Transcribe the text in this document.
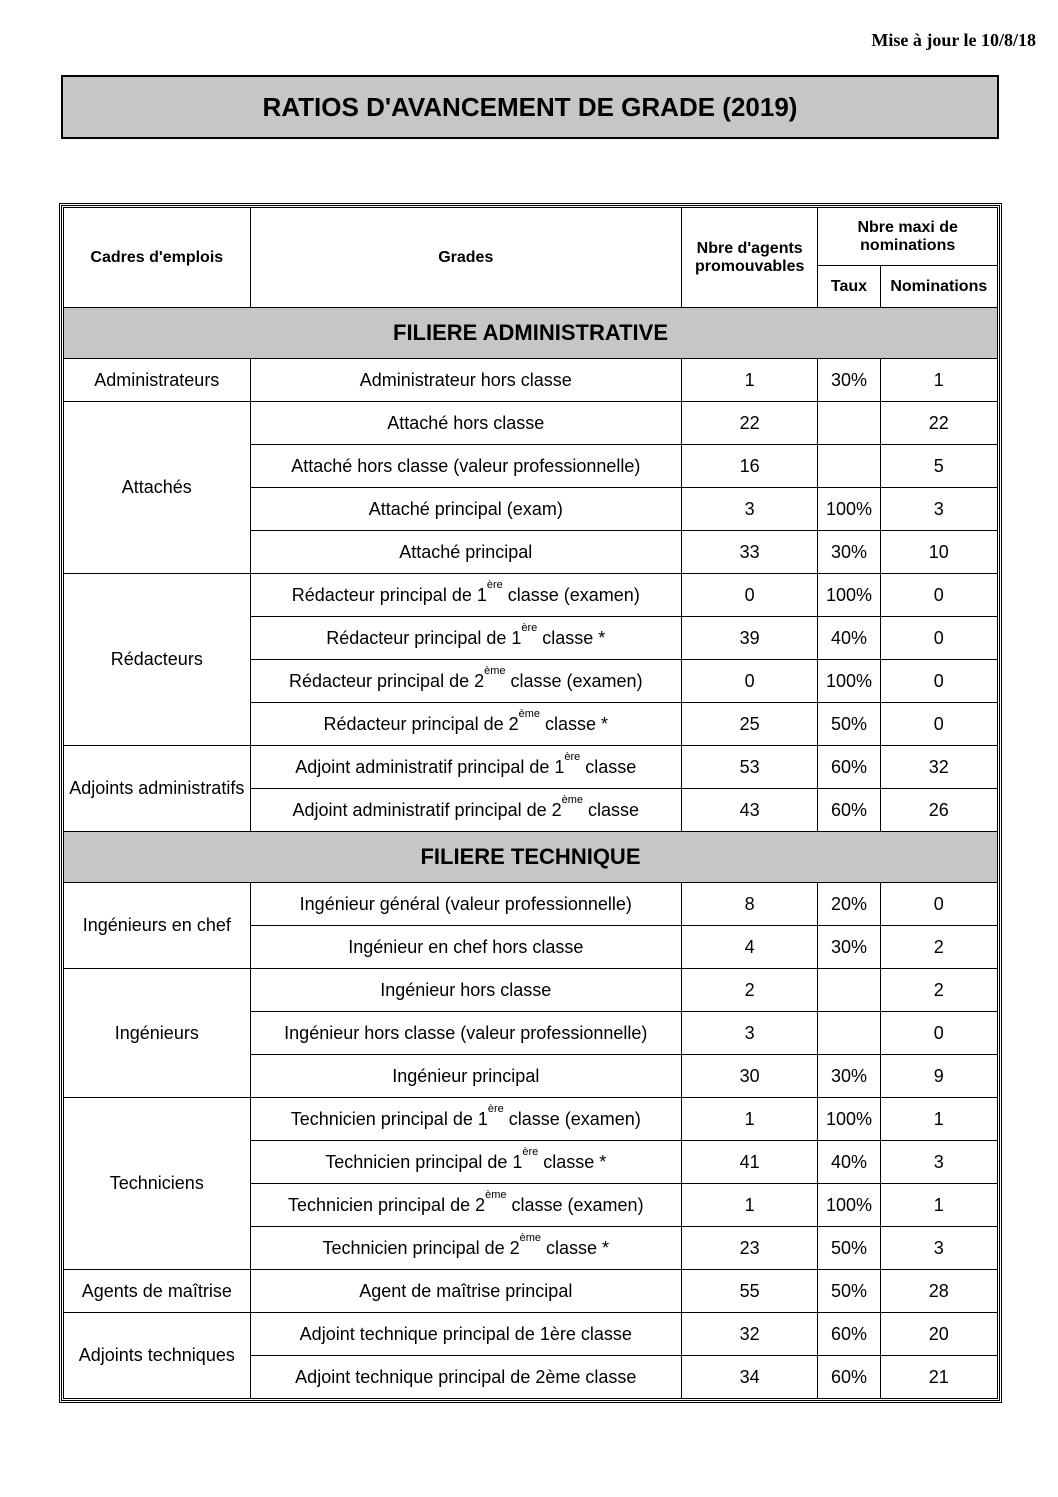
Mise à jour le 10/8/18
RATIOS D'AVANCEMENT DE GRADE (2019)
Cadres d'emplois	Grades	Nbre d'agents promouvables	Nbre maxi de nominations	
			Taux	Nominations
FILIERE ADMINISTRATIVE				
Administrateurs	Administrateur hors classe	1	30%	1
Attachés	Attaché hors classe	22		22
	Attaché hors classe (valeur professionnelle)	16		5
	Attaché principal (exam)	3	100%	3
	Attaché principal	33	30%	10
Rédacteurs	Rédacteur principal de 1ère classe (examen)	0	100%	0
	Rédacteur principal de 1ère classe *	39	40%	0
	Rédacteur principal de 2ème classe (examen)	0	100%	0
	Rédacteur principal de 2ème classe *	25	50%	0
Adjoints administratifs	Adjoint administratif principal de 1ère classe	53	60%	32
	Adjoint administratif principal de 2ème classe	43	60%	26
FILIERE TECHNIQUE				
Ingénieurs en chef	Ingénieur général (valeur professionnelle)	8	20%	0
	Ingénieur en chef hors classe	4	30%	2
Ingénieurs	Ingénieur hors classe	2		2
	Ingénieur hors classe (valeur professionnelle)	3		0
	Ingénieur principal	30	30%	9
Techniciens	Technicien principal de 1ère classe (examen)	1	100%	1
	Technicien principal de 1ère classe *	41	40%	3
	Technicien principal de 2ème classe (examen)	1	100%	1
	Technicien principal de 2ème classe *	23	50%	3
Agents de maîtrise	Agent de maîtrise principal	55	50%	28
Adjoints techniques	Adjoint technique principal de 1ère classe	32	60%	20
	Adjoint technique principal de 2ème classe	34	60%	21
